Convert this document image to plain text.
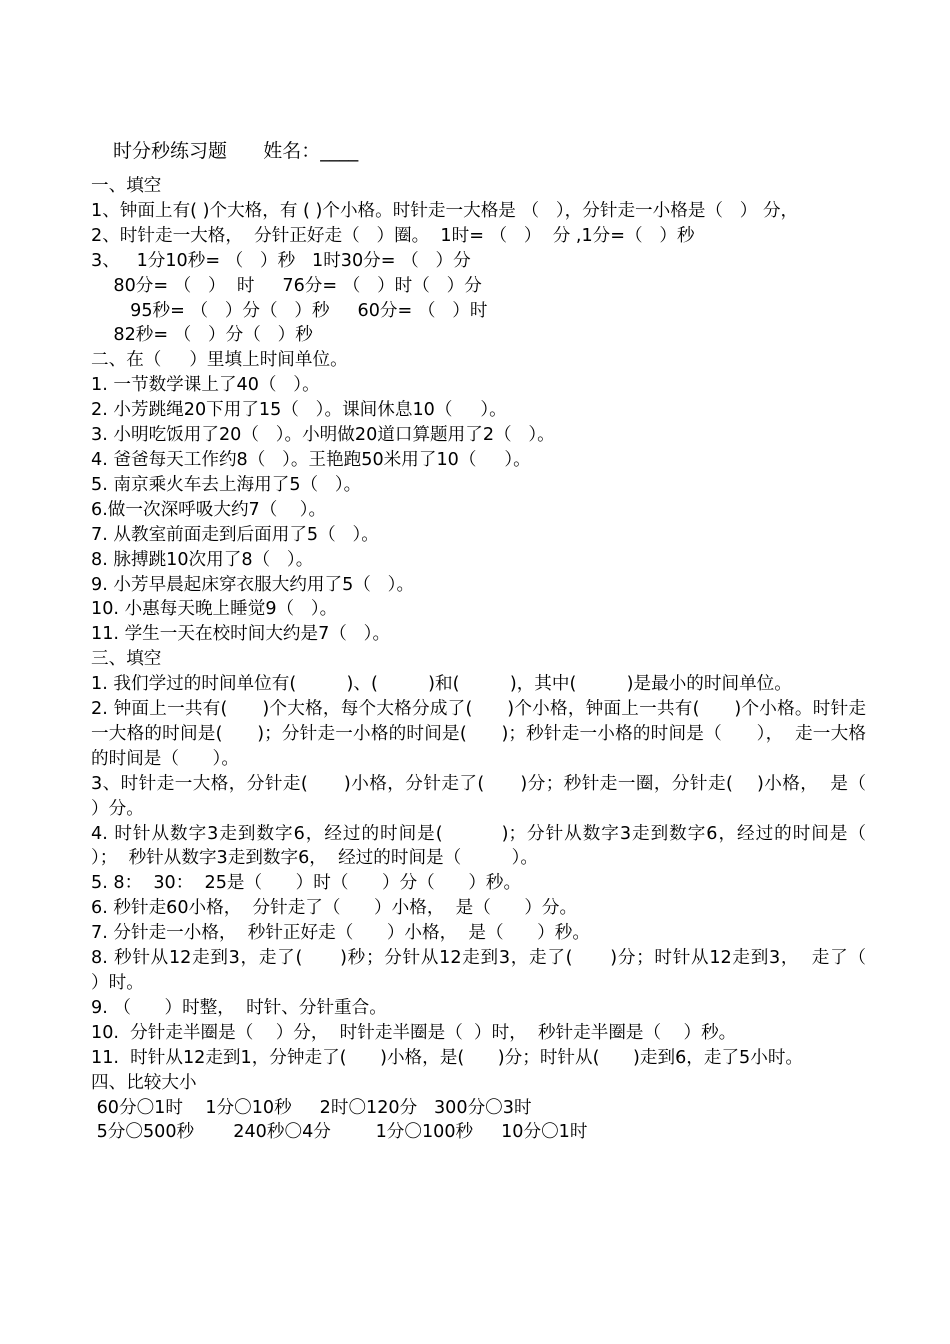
时分秒练习题 姓名：____
一、填空
1、钟面上有( )个大格，有 ( )个小格。时针走一大格是 （   ），分针走一小格是（   ） 分，
2、时针走一大格，  分针正好走（   ）圈。  1时= （   ）  分 ,1分=（   ）秒
3、   1分10秒= （   ）秒   1时30分= （   ）分
80分= （   ）  时     76分= （   ）时（   ）分
95秒= （   ）分（   ）秒     60分= （   ）时
82秒= （   ）分（   ）秒
二、在（     ）里填上时间单位。
1. 一节数学课上了40（   ）。
2. 小芳跳绳20下用了15（   ）。课间休息10（     ）。
3. 小明吃饭用了20（   ）。小明做20道口算题用了2（   ）。
4. 爸爸每天工作约8（   ）。王艳跑50米用了10（     ）。
5. 南京乘火车去上海用了5（   ）。
6.做一次深呼吸大约7（    ）。
7. 从教室前面走到后面用了5（   ）。
8. 脉搏跳10次用了8（   ）。
9. 小芳早晨起床穿衣服大约用了5（   ）。
10. 小惠每天晚上睡觉9（   ）。
11. 学生一天在校时间大约是7（   ）。
三、填空
1. 我们学过的时间单位有(         )、(         )和(         )，其中(         )是最小的时间单位。
2. 钟面上一共有(      )个大格，每个大格分成了(      )个小格，钟面上一共有(      )个小格。时针走一大格的时间是(      )；分针走一小格的时间是(      )；秒针走一小格的时间是（      ），  走一大格的时间是（      ）。
3、时针走一大格，分针走(      )小格，分针走了(      )分；秒针走一圈，分针走(    )小格，  是（      ）分。
4. 时针从数字3走到数字6，经过的时间是(         )；分针从数字3走到数字6，经过的时间是（         ）；  秒针从数字3走到数字6，  经过的时间是（         ）。
5. 8：  30：  25是（      ）时（      ）分（      ）秒。
6. 秒针走60小格，  分针走了（      ）小格，  是（      ）分。
7. 分针走一小格，  秒针正好走（      ）小格，  是（      ）秒。
8. 秒针从12走到3，走了(      )秒；分针从12走到3，走了(      )分；时针从12走到3，  走了（      ）时。
9. （      ）时整，  时针、分针重合。
10.  分针走半圈是（    ）分，  时针走半圈是（  ）时，  秒针走半圈是（    ）秒。
11.  时针从12走到1，分钟走了(      )小格，是(      )分；时针从(      )走到6，走了5小时。
四、比较大小
60分〇1时    1分〇10秒     2时〇120分   300分〇3时
5分〇500秒       240秒〇4分        1分〇100秒     10分〇1时
